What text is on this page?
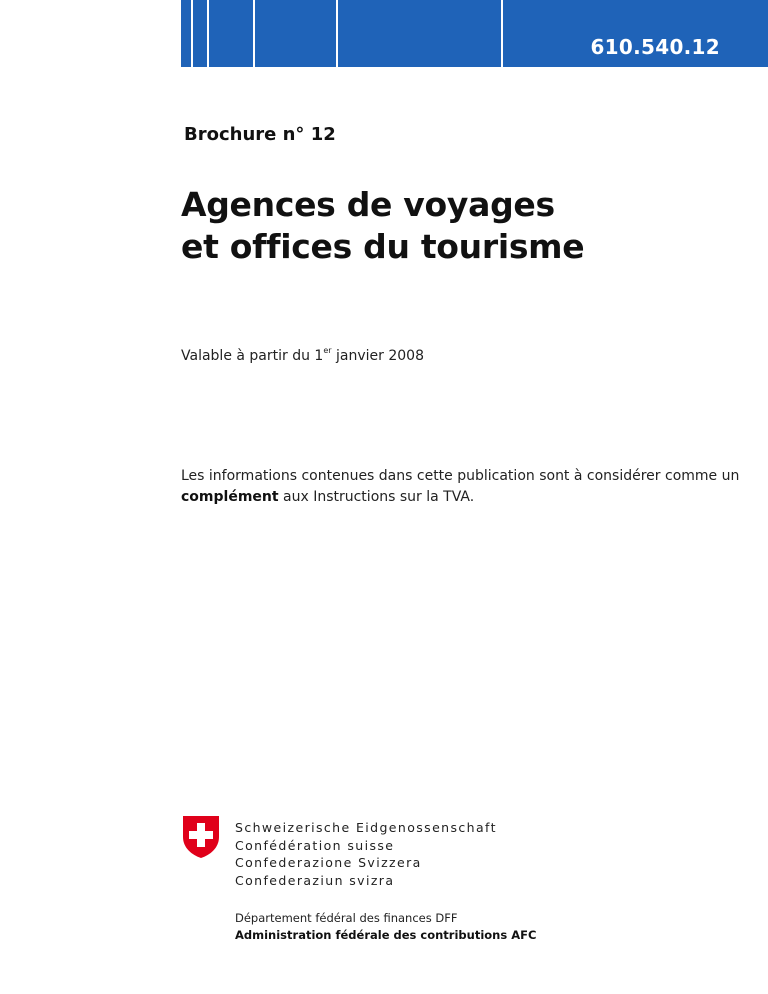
610.540.12
Brochure n° 12
Agences de voyages
et offices du tourisme
Valable à partir du 1er janvier 2008
Les informations contenues dans cette publication sont à considérer comme un complément aux Instructions sur la TVA.
Schweizerische Eidgenossenschaft
Confédération suisse
Confederazione Svizzera
Confederaziun svizra
Département fédéral des finances DFF
Administration fédérale des contributions AFC
